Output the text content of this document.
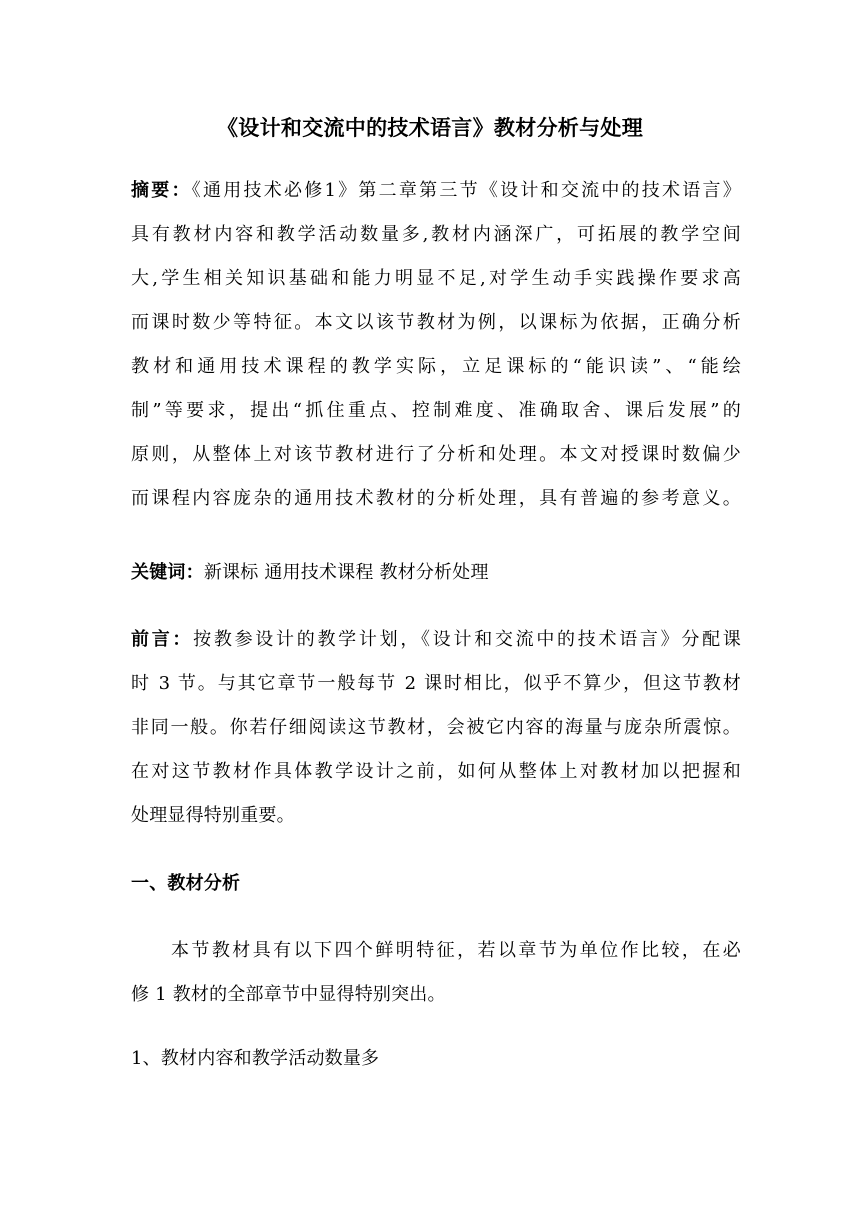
《设计和交流中的技术语言》教材分析与处理
摘要：《通用技术必修1》第二章第三节《设计和交流中的技术语言》
具有教材内容和教学活动数量多,教材内涵深广，可拓展的教学空间
大,学生相关知识基础和能力明显不足,对学生动手实践操作要求高
而课时数少等特征。本文以该节教材为例，以课标为依据，正确分析
教材和通用技术课程的教学实际，立足课标的“能识读”、“能绘
制”等要求，提出“抓住重点、控制难度、准确取舍、课后发展”的
原则，从整体上对该节教材进行了分析和处理。本文对授课时数偏少
而课程内容庞杂的通用技术教材的分析处理，具有普遍的参考意义。
关键词：新课标 通用技术课程 教材分析处理
前言：按教参设计的教学计划，《设计和交流中的技术语言》分配课
时 3 节。与其它章节一般每节 2 课时相比，似乎不算少，但这节教材
非同一般。你若仔细阅读这节教材，会被它内容的海量与庞杂所震惊。
在对这节教材作具体教学设计之前，如何从整体上对教材加以把握和
处理显得特别重要。
一、教材分析
本节教材具有以下四个鲜明特征，若以章节为单位作比较，在必
修 1 教材的全部章节中显得特别突出。
1、教材内容和教学活动数量多
